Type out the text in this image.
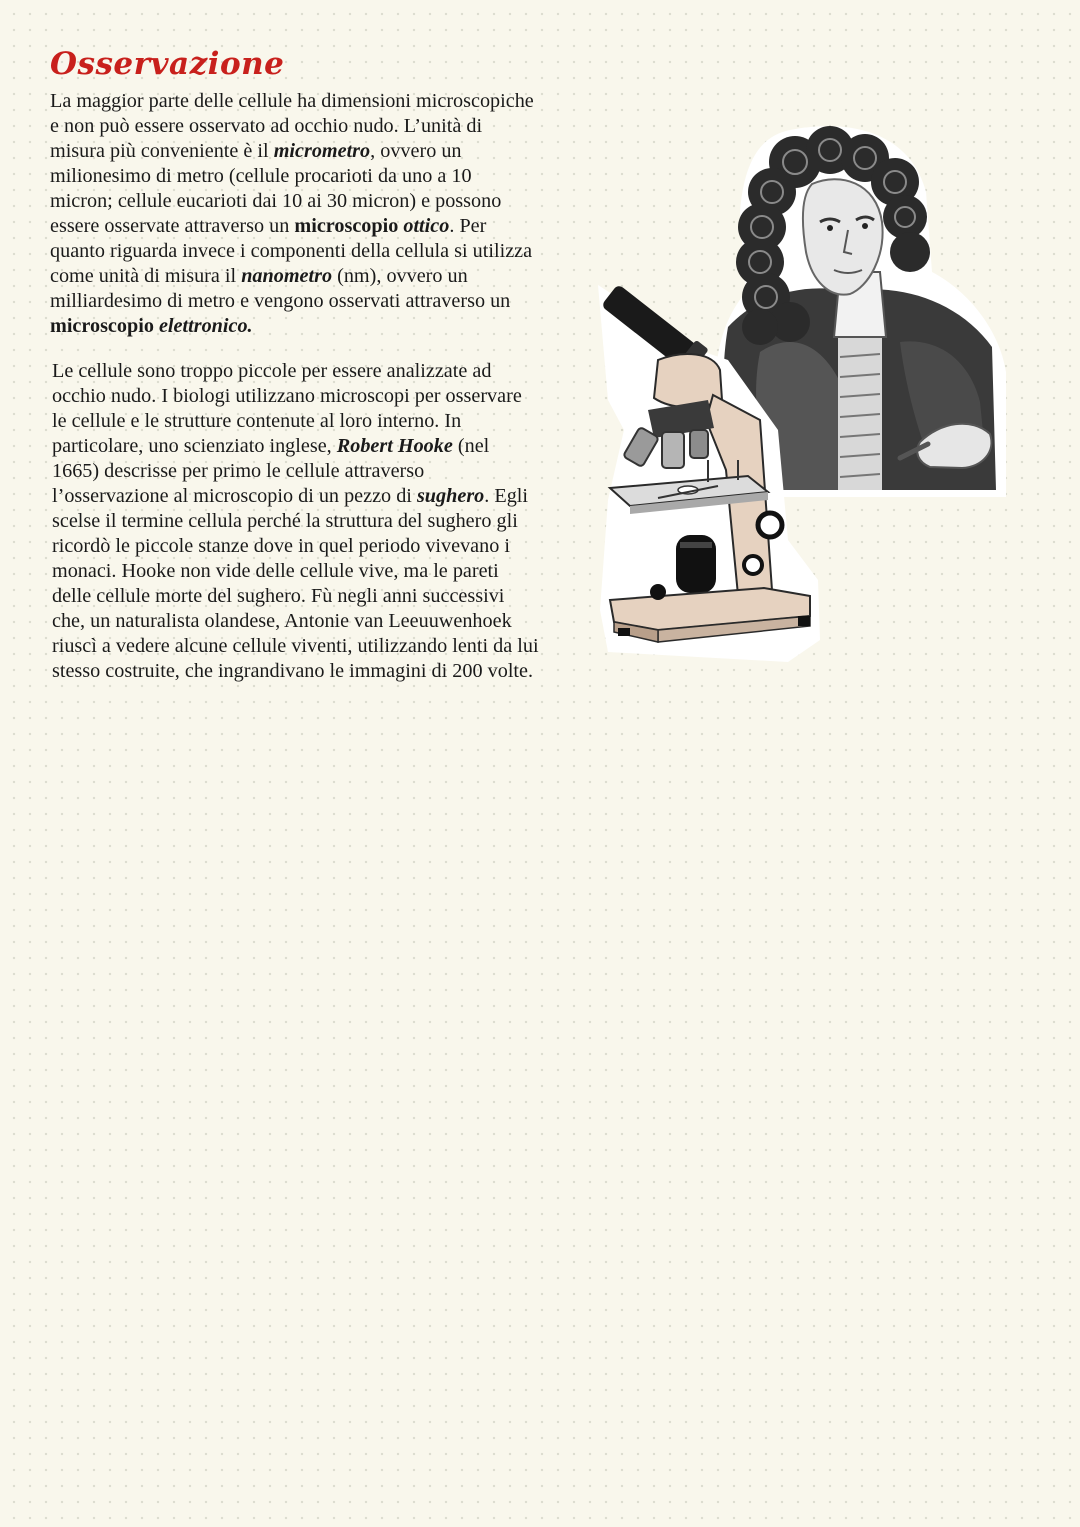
Osservazione

La maggior parte delle cellule ha dimensioni microscopiche
e non può essere osservato ad occhio nudo. L’unità di
misura più conveniente è il micrometro, ovvero un
milionesimo di metro (cellule procarioti da uno a 10
micron; cellule eucarioti dai 10 ai 30 micron) e possono
essere osservate attraverso un microscopio ottico. Per
quanto riguarda invece i componenti della cellula si utilizza
come unità di misura il nanometro (nm), ovvero un
milliardesimo di metro e vengono osservati attraverso un
microscopio elettronico.

Le cellule sono troppo piccole per essere analizzate ad
occhio nudo. I biologi utilizzano microscopi per osservare
le cellule e le strutture contenute al loro interno. In
particolare, uno scienziato inglese, Robert Hooke (nel
1665) descrisse per primo le cellule attraverso
l’osservazione al microscopio di un pezzo di sughero. Egli
scelse il termine cellula perché la struttura del sughero gli
ricordò le piccole stanze dove in quel periodo vivevano i
monaci. Hooke non vide delle cellule vive, ma le pareti
delle cellule morte del sughero. Fù negli anni successivi
che, un naturalista olandese, Antonie van Leeuuwenhoek
riuscì a vedere alcune cellule viventi, utilizzando lenti da lui
stesso costruite, che ingrandivano le immagini di 200 volte.
